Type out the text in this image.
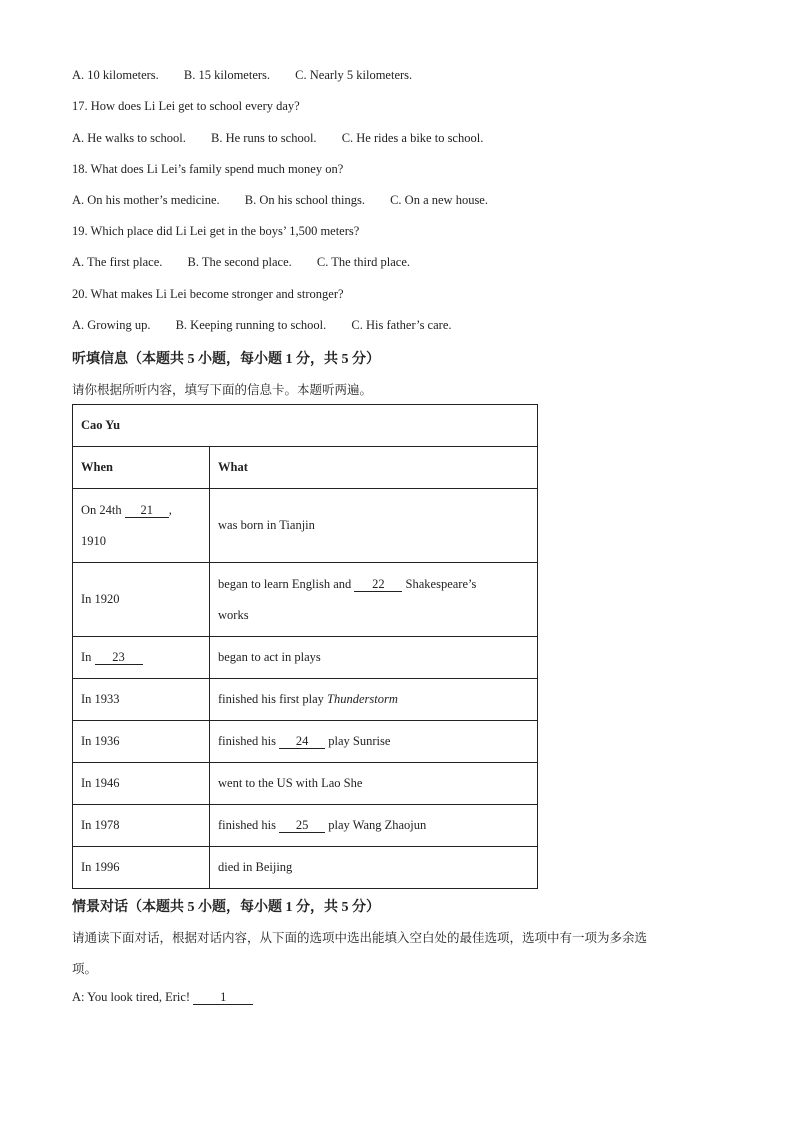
A. 10 kilometers. B. 15 kilometers. C. Nearly 5 kilometers.
17. How does Li Lei get to school every day?
A. He walks to school. B. He runs to school. C. He rides a bike to school.
18. What does Li Lei’s family spend much money on?
A. On his mother’s medicine. B. On his school things. C. On a new house.
19. Which place did Li Lei get in the boys’ 1,500 meters?
A. The first place. B. The second place. C. The third place.
20. What makes Li Lei become stronger and stronger?
A. Growing up. B. Keeping running to school. C. His father’s care.
听填信息（本题共 5 小题，每小题 1 分，共 5 分）
请你根据所听内容，填写下面的信息卡。本题听两遍。
Cao Yu	
When	What
On 24th 21 ,
1910	was born in Tianjin
In 1920	began to learn English and 22 Shakespeare’s
works
In 23	began to act in plays
In 1933	finished his first play Thunderstorm
In 1936	finished his 24 play Sunrise
In 1946	went to the US with Lao She
In 1978	finished his 25 play Wang Zhaojun
In 1996	died in Beijing
情景对话（本题共 5 小题，每小题 1 分，共 5 分）
请通读下面对话，根据对话内容，从下面的选项中选出能填入空白处的最佳选项，选项中有一项为多余选
项。
A: You look tired, Eric! 1
